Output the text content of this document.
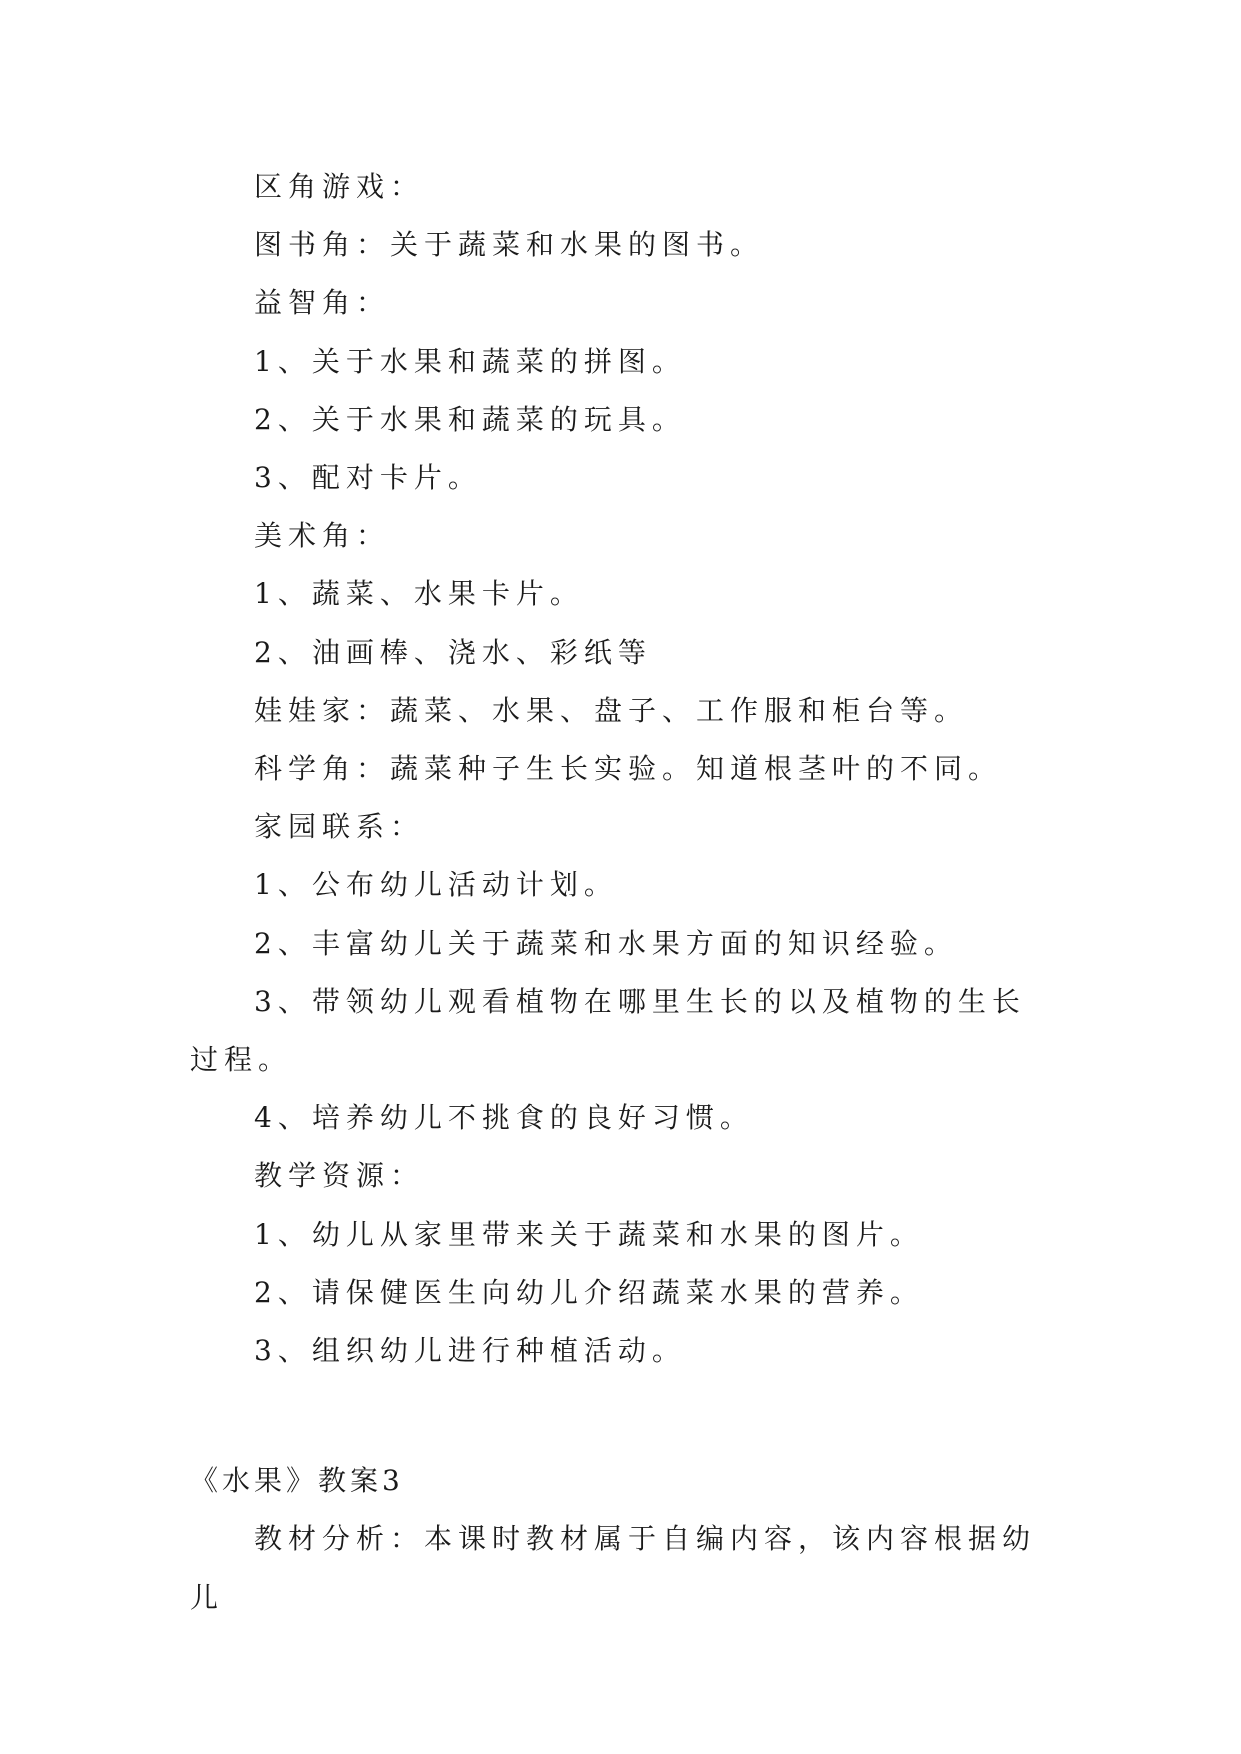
区角游戏：

图书角：关于蔬菜和水果的图书。

益智角：

1、关于水果和蔬菜的拼图。

2、关于水果和蔬菜的玩具。

3、配对卡片。

美术角：

1、蔬菜、水果卡片。

2、油画棒、浇水、彩纸等

娃娃家：蔬菜、水果、盘子、工作服和柜台等。

科学角：蔬菜种子生长实验。知道根茎叶的不同。

家园联系：

1、公布幼儿活动计划。

2、丰富幼儿关于蔬菜和水果方面的知识经验。

3、带领幼儿观看植物在哪里生长的以及植物的生长过程。

4、培养幼儿不挑食的良好习惯。

教学资源：

1、幼儿从家里带来关于蔬菜和水果的图片。

2、请保健医生向幼儿介绍蔬菜水果的营养。

3、组织幼儿进行种植活动。

《水果》教案3

教材分析：本课时教材属于自编内容，该内容根据幼儿
